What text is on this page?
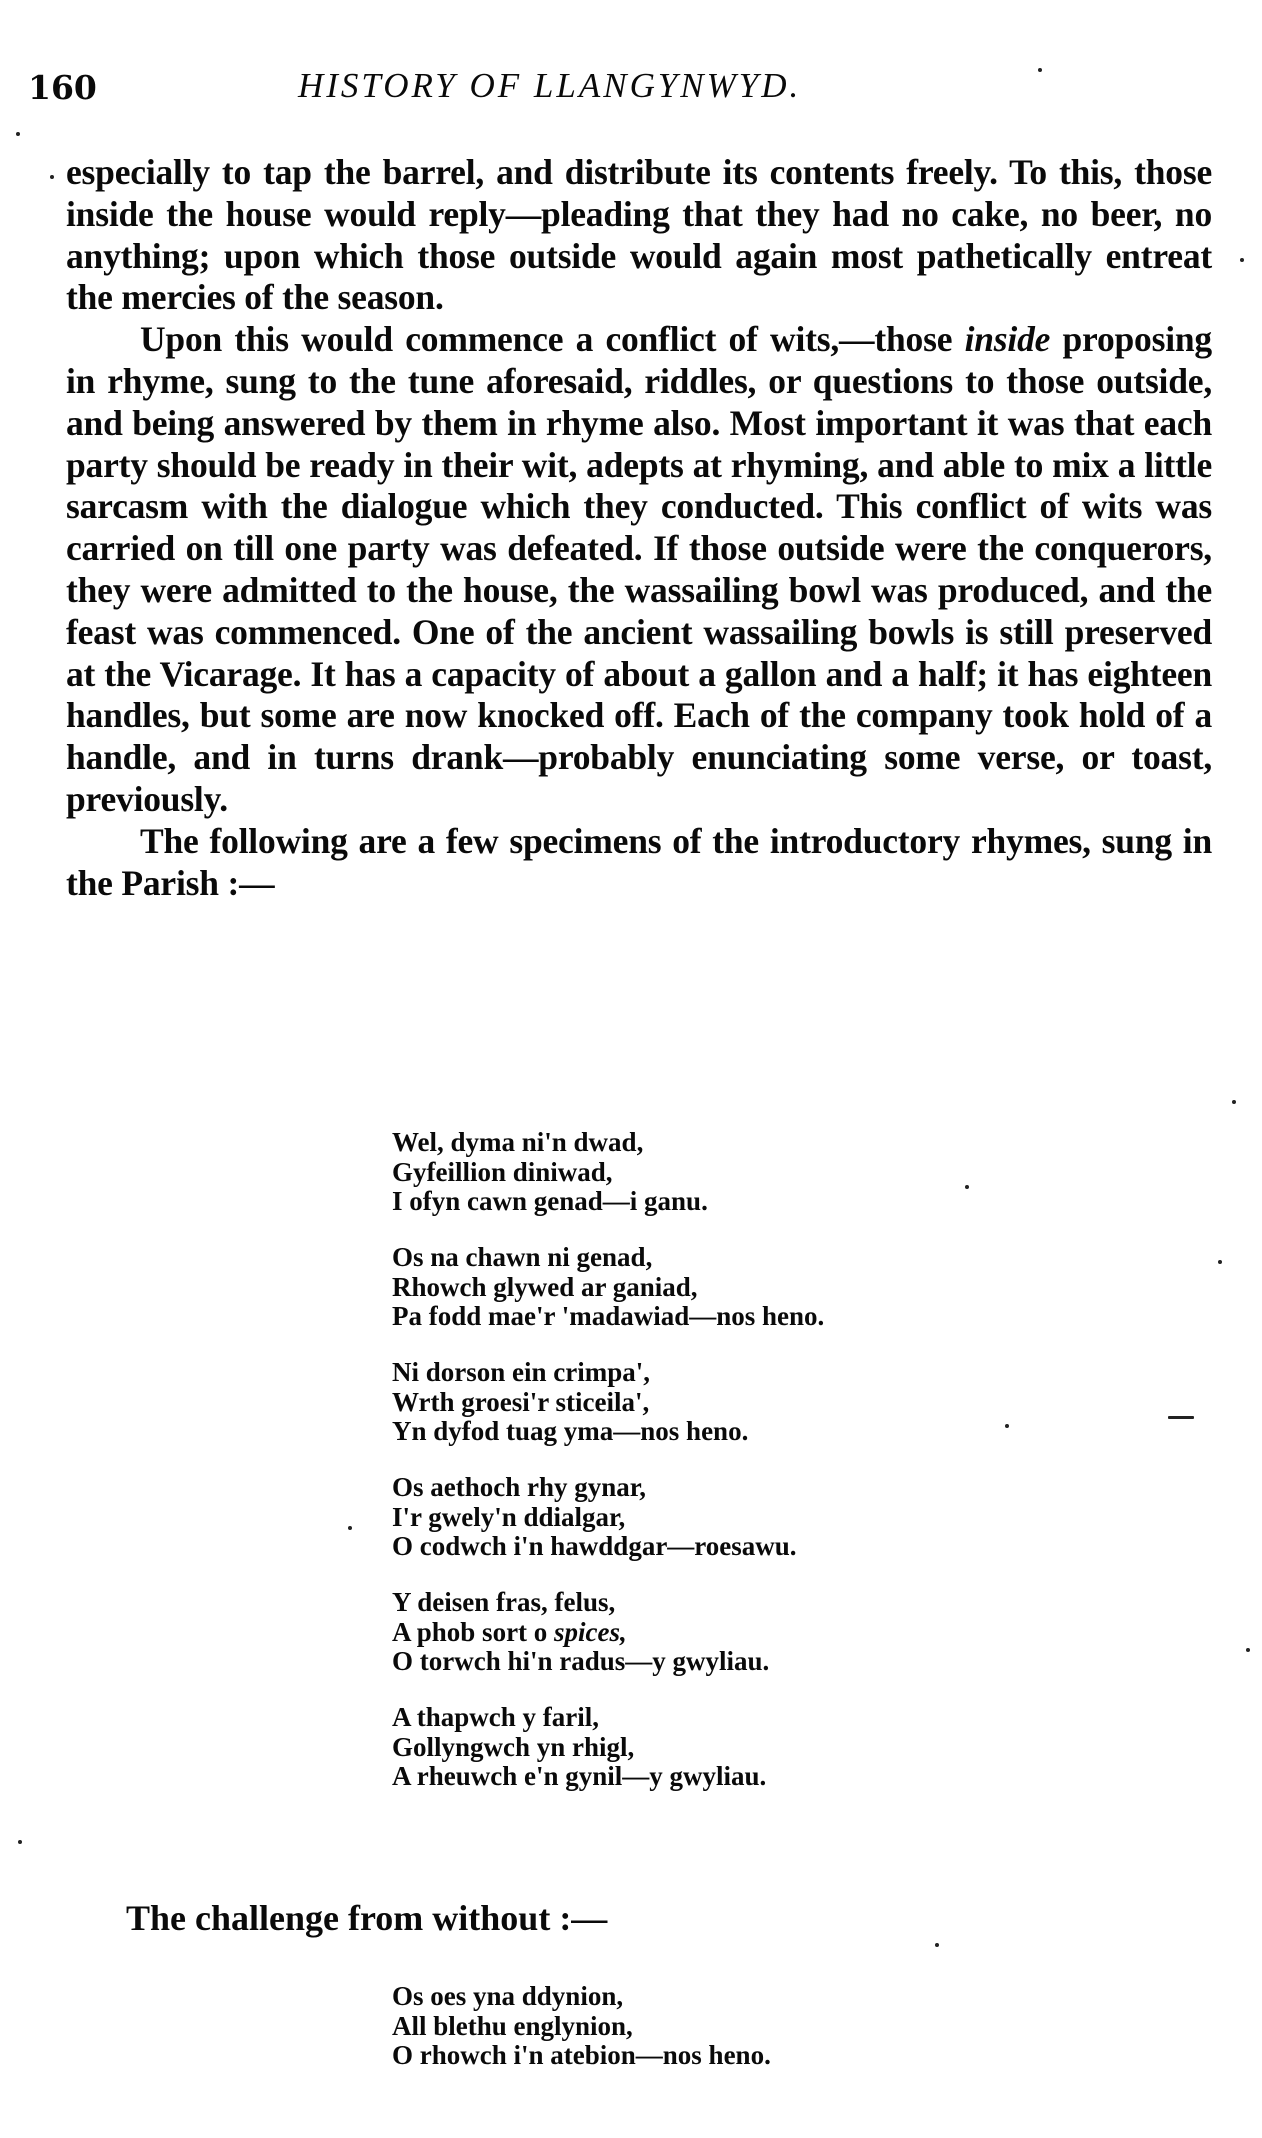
160	HISTORY OF LLANGYNWYD.

especially to tap the barrel, and distribute its contents freely. To this, those inside the house would reply—pleading that they had no cake, no beer, no anything; upon which those outside would again most pathetically entreat the mercies of the season.

Upon this would commence a conflict of wits,—those inside proposing in rhyme, sung to the tune aforesaid, riddles, or questions to those outside, and being answered by them in rhyme also. Most important it was that each party should be ready in their wit, adepts at rhyming, and able to mix a little sarcasm with the dialogue which they conducted. This conflict of wits was carried on till one party was defeated. If those outside were the conquerors, they were admitted to the house, the wassailing bowl was produced, and the feast was commenced. One of the ancient wassailing bowls is still preserved at the Vicarage. It has a capacity of about a gallon and a half; it has eighteen handles, but some are now knocked off. Each of the company took hold of a handle, and in turns drank—probably enunciating some verse, or toast, previously.

The following are a few specimens of the introductory rhymes, sung in the Parish :—

Wel, dyma ni'n dwad,
Gyfeillion diniwad,
I ofyn cawn genad—i ganu.
Os na chawn ni genad,
Rhowch glywed ar ganiad,
Pa fodd mae'r 'madawiad—nos heno.
Ni dorson ein crimpa',
Wrth groesi'r sticeila',
Yn dyfod tuag yma—nos heno.
Os aethoch rhy gynar,
I'r gwely'n ddialgar,
O codwch i'n hawddgar—roesawu.
Y deisen fras, felus,
A phob sort o spices,
O torwch hi'n radus—y gwyliau.
A thapwch y faril,
Gollyngwch yn rhigl,
A rheuwch e'n gynil—y gwyliau.
The challenge from without :—
Os oes yna ddynion,
All blethu englynion,
O rhowch i'n atebion—nos heno.
